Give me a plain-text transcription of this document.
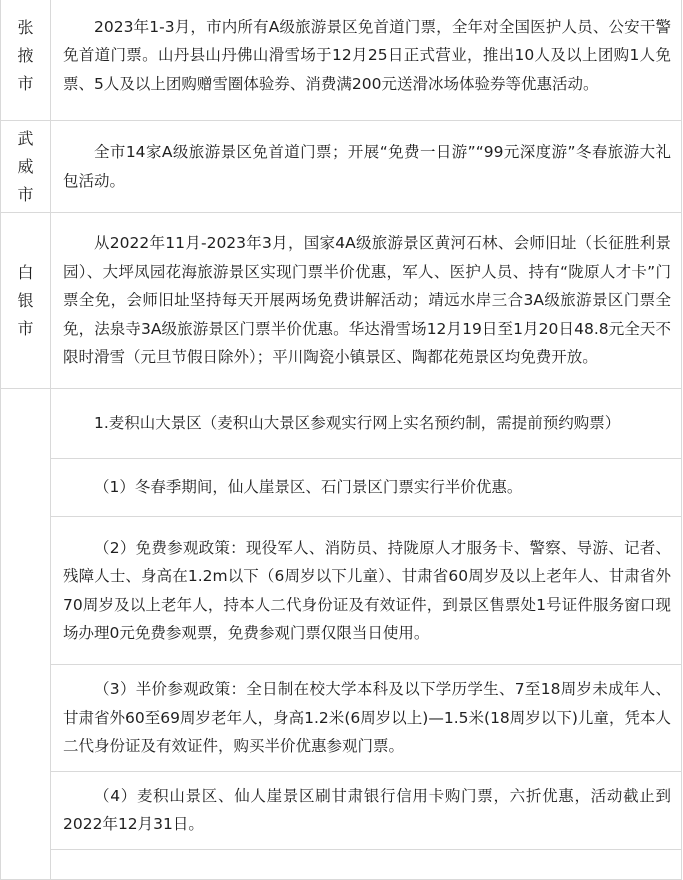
张
掖
市	2023年1-3月，市内所有A级旅游景区免首道门票，全年对全国医护人员、公安干警免首道门票。山丹县山丹佛山滑雪场于12月25日正式营业，推出10人及以上团购1人免票、5人及以上团购赠雪圈体验券、消费满200元送滑冰场体验券等优惠活动。

武
威
市	全市14家A级旅游景区免首道门票；开展“免费一日游”“99元深度游”冬春旅游大礼包活动。

白
银
市	从2022年11月-2023年3月，国家4A级旅游景区黄河石林、会师旧址（长征胜利景园）、大坪凤园花海旅游景区实现门票半价优惠，军人、医护人员、持有“陇原人才卡”门票全免，会师旧址坚持每天开展两场免费讲解活动；靖远水岸三合3A级旅游景区门票全免，法泉寺3A级旅游景区门票半价优惠。华达滑雪场12月19日至1月20日48.8元全天不限时滑雪（元旦节假日除外）；平川陶瓷小镇景区、陶都花苑景区均免费开放。

	1.麦积山大景区（麦积山大景区参观实行网上实名预约制，需提前预约购票）

	（1）冬春季期间，仙人崖景区、石门景区门票实行半价优惠。

	（2）免费参观政策：现役军人、消防员、持陇原人才服务卡、警察、导游、记者、残障人士、身高在1.2m以下（6周岁以下儿童）、甘肃省60周岁及以上老年人、甘肃省外70周岁及以上老年人，持本人二代身份证及有效证件，到景区售票处1号证件服务窗口现场办理0元免费参观票，免费参观门票仅限当日使用。

	（3）半价参观政策：全日制在校大学本科及以下学历学生、7至18周岁未成年人、甘肃省外60至69周岁老年人，身高1.2米(6周岁以上)—1.5米(18周岁以下)儿童，凭本人二代身份证及有效证件，购买半价优惠参观门票。

	（4）麦积山景区、仙人崖景区刷甘肃银行信用卡购门票，六折优惠，活动截止到2022年12月31日。
